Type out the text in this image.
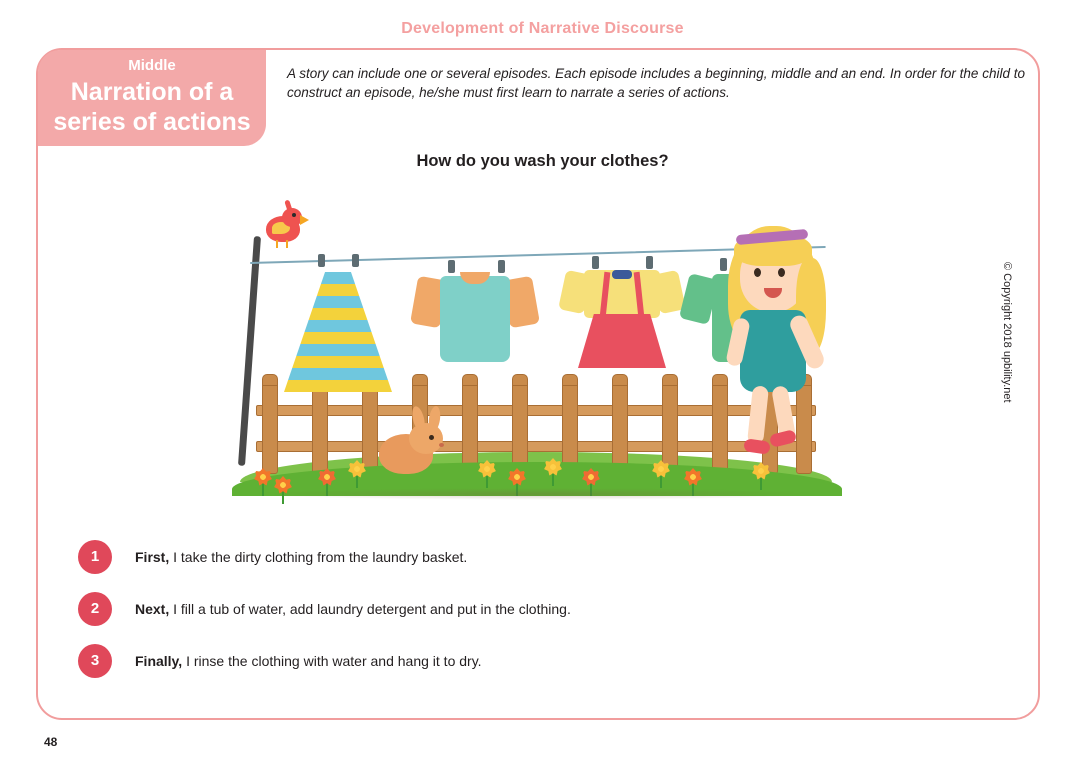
Development of Narrative Discourse
Middle
Narration of a series of actions
A story can include one or several episodes. Each episode includes a beginning, middle and an end. In order for the child to construct an episode, he/she must first learn to narrate a series of actions.
How do you wash your clothes?
© Copyright 2018 upbility.net
1	First, I take the dirty clothing from the laundry basket.
2	Next, I fill a tub of water, add laundry detergent and put in the clothing.
3	Finally, I rinse the clothing with water and hang it to dry.
48
